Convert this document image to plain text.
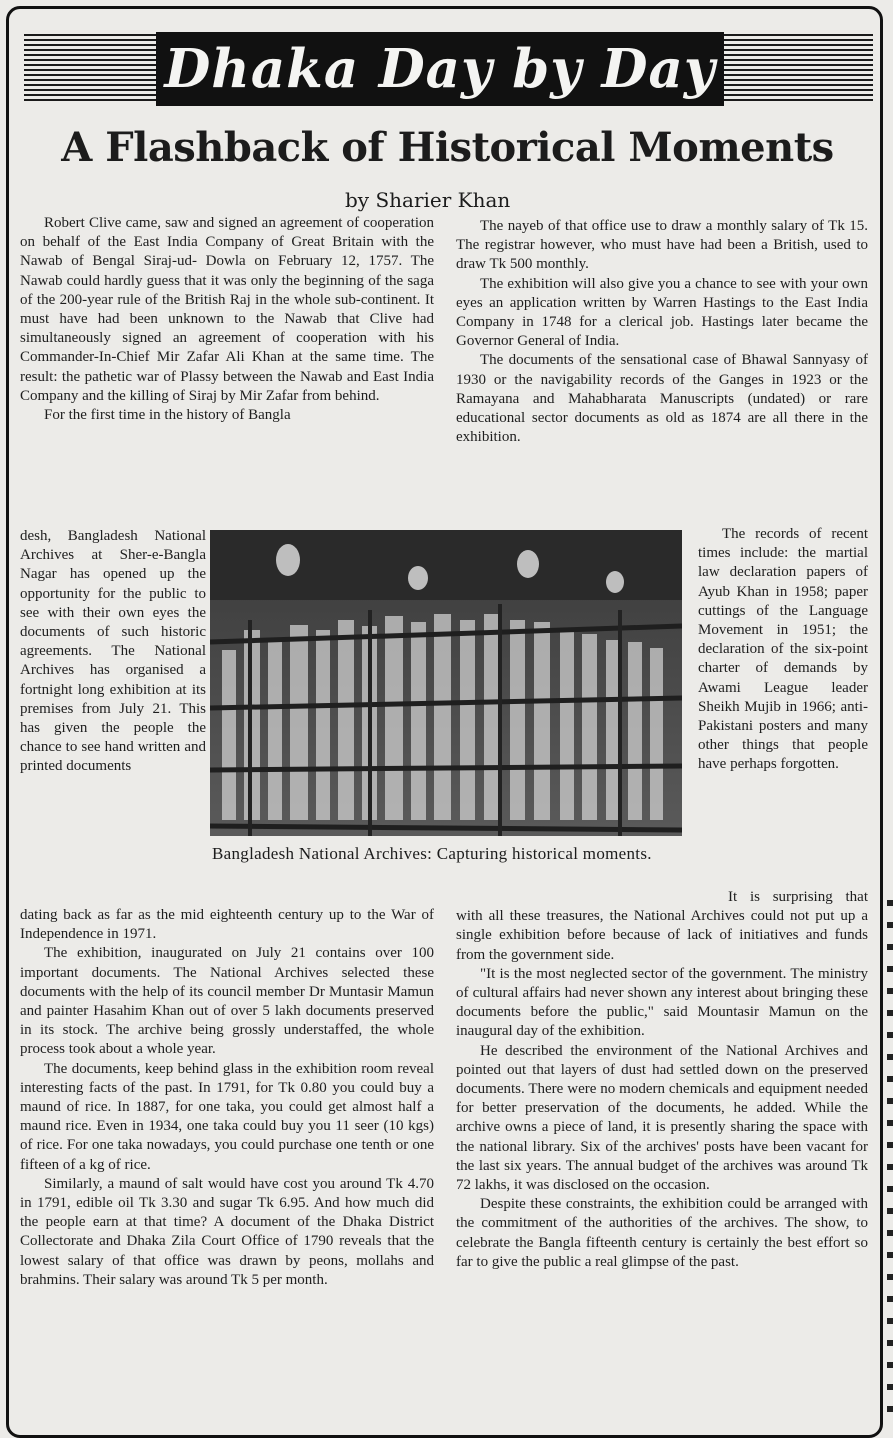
Dhaka Day by Day
A Flashback of Historical Moments
by Sharier Khan

Robert Clive came, saw and signed an agreement of cooperation on behalf of the East India Company of Great Britain with the Nawab of Bengal Siraj-ud- Dowla on February 12, 1757. The Nawab could hardly guess that it was only the beginning of the saga of the 200-year rule of the British Raj in the whole sub-continent. It must have had been unknown to the Nawab that Clive had simultaneously signed an agreement of cooperation with his Commander-In-Chief Mir Zafar Ali Khan at the same time. The result: the pathetic war of Plassy between the Nawab and East India Company and the killing of Siraj by Mir Zafar from behind.

For the first time in the history of Bangla

desh, Bangladesh National Archives at Sher-e-Bangla Nagar has opened up the opportunity for the public to see with their own eyes the documents of such historic agreements. The National Archives has organised a fortnight long exhibition at its premises from July 21. This has given the people the chance to see hand written and printed documents

dating back as far as the mid eighteenth century up to the War of Independence in 1971.

The exhibition, inaugurated on July 21 contains over 100 important documents. The National Archives selected these documents with the help of its council member Dr Muntasir Mamun and painter Hasahim Khan out of over 5 lakh documents preserved in its stock. The archive being grossly understaffed, the whole process took about a whole year.

The documents, keep behind glass in the exhibition room reveal interesting facts of the past. In 1791, for Tk 0.80 you could buy a maund of rice. In 1887, for one taka, you could get almost half a maund rice. Even in 1934, one taka could buy you 11 seer (10 kgs) of rice. For one taka nowadays, you could purchase one tenth or one fifteen of a kg of rice.

Similarly, a maund of salt would have cost you around Tk 4.70 in 1791, edible oil Tk 3.30 and sugar Tk 6.95. And how much did the people earn at that time? A document of the Dhaka District Collectorate and Dhaka Zila Court Office of 1790 reveals that the lowest salary of that office was drawn by peons, mollahs and brahmins. Their salary was around Tk 5 per month.

The nayeb of that office use to draw a monthly salary of Tk 15. The registrar however, who must have had been a British, used to draw Tk 500 monthly.

The exhibition will also give you a chance to see with your own eyes an application written by Warren Hastings to the East India Company in 1748 for a clerical job. Hastings later became the Governor General of India.

The documents of the sensational case of Bhawal Sannyasy of 1930 or the navigability records of the Ganges in 1923 or the Ramayana and Mahabharata Manuscripts (undated) or rare educational sector documents as old as 1874 are all there in the exhibition.

The records of recent times include: the martial law declaration papers of Ayub Khan in 1958; paper cuttings of the Language Movement in 1951; the declaration of the six-point charter of demands by Awami League leader Sheikh Mujib in 1966; anti-Pakistani posters and many other things that people have perhaps forgotten.

It is surprising that with all these treasures, the National Archives could not put up a single exhibition before because of lack of initiatives and funds from the government side.

"It is the most neglected sector of the government. The ministry of cultural affairs had never shown any interest about bringing these documents before the public," said Mountasir Mamun on the inaugural day of the exhibition.

He described the environment of the National Archives and pointed out that layers of dust had settled down on the preserved documents. There were no modern chemicals and equipment needed for better preservation of the documents, he added. While the archive owns a piece of land, it is presently sharing the space with the national library. Six of the archives' posts have been vacant for the last six years. The annual budget of the archives was around Tk 72 lakhs, it was disclosed on the occasion.

Despite these constraints, the exhibition could be arranged with the commitment of the authorities of the archives. The show, to celebrate the Bangla fifteenth century is certainly the best effort so far to give the public a real glimpse of the past.

Bangladesh National Archives: Capturing historical moments.
